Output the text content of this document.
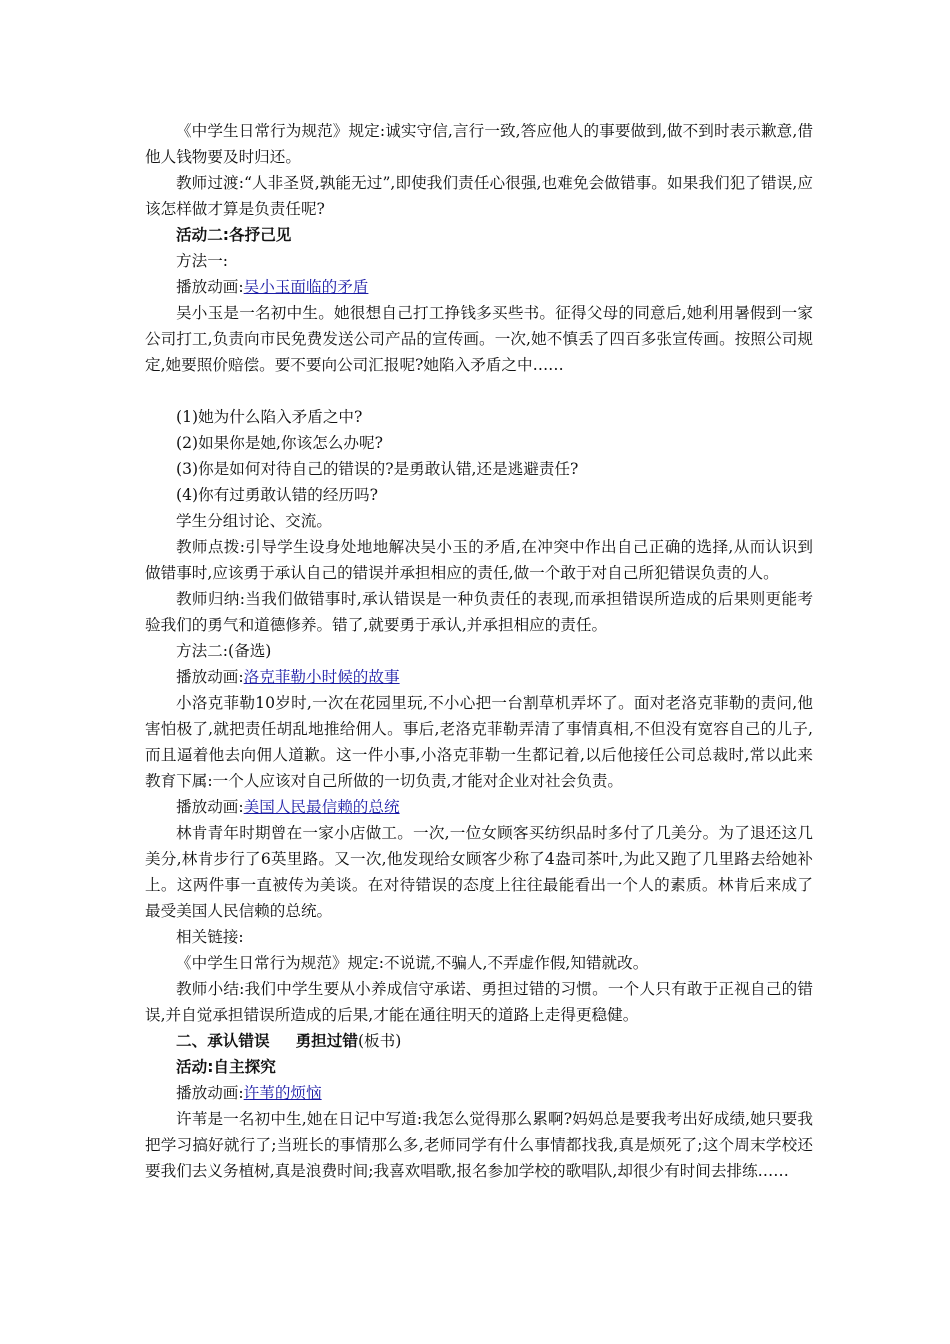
《中学生日常行为规范》规定:诚实守信,言行一致,答应他人的事要做到,做不到时表示歉意,借他人钱物要及时归还。

教师过渡:“人非圣贤,孰能无过”,即使我们责任心很强,也难免会做错事。如果我们犯了错误,应该怎样做才算是负责任呢?

活动二:各抒己见

方法一:

播放动画:吴小玉面临的矛盾

吴小玉是一名初中生。她很想自己打工挣钱多买些书。征得父母的同意后,她利用暑假到一家公司打工,负责向市民免费发送公司产品的宣传画。一次,她不慎丢了四百多张宣传画。按照公司规定,她要照价赔偿。要不要向公司汇报呢?她陷入矛盾之中……

(1)她为什么陷入矛盾之中?

(2)如果你是她,你该怎么办呢?

(3)你是如何对待自己的错误的?是勇敢认错,还是逃避责任?

(4)你有过勇敢认错的经历吗?

学生分组讨论、交流。

教师点拨:引导学生设身处地地解决吴小玉的矛盾,在冲突中作出自己正确的选择,从而认识到做错事时,应该勇于承认自己的错误并承担相应的责任,做一个敢于对自己所犯错误负责的人。

教师归纳:当我们做错事时,承认错误是一种负责任的表现,而承担错误所造成的后果则更能考验我们的勇气和道德修养。错了,就要勇于承认,并承担相应的责任。

方法二:(备选)

播放动画:洛克菲勒小时候的故事

小洛克菲勒10岁时,一次在花园里玩,不小心把一台割草机弄坏了。面对老洛克菲勒的责问,他害怕极了,就把责任胡乱地推给佣人。事后,老洛克菲勒弄清了事情真相,不但没有宽容自己的儿子,而且逼着他去向佣人道歉。这一件小事,小洛克菲勒一生都记着,以后他接任公司总裁时,常以此来教育下属:一个人应该对自己所做的一切负责,才能对企业对社会负责。

播放动画:美国人民最信赖的总统

林肯青年时期曾在一家小店做工。一次,一位女顾客买纺织品时多付了几美分。为了退还这几美分,林肯步行了6英里路。又一次,他发现给女顾客少称了4盎司茶叶,为此又跑了几里路去给她补上。这两件事一直被传为美谈。在对待错误的态度上往往最能看出一个人的素质。林肯后来成了最受美国人民信赖的总统。

相关链接:

《中学生日常行为规范》规定:不说谎,不骗人,不弄虚作假,知错就改。

教师小结:我们中学生要从小养成信守承诺、勇担过错的习惯。一个人只有敢于正视自己的错误,并自觉承担错误所造成的后果,才能在通往明天的道路上走得更稳健。

二、承认错误 勇担过错(板书)

活动:自主探究

播放动画:许苇的烦恼

许苇是一名初中生,她在日记中写道:我怎么觉得那么累啊?妈妈总是要我考出好成绩,她只要我把学习搞好就行了;当班长的事情那么多,老师同学有什么事情都找我,真是烦死了;这个周末学校还要我们去义务植树,真是浪费时间;我喜欢唱歌,报名参加学校的歌唱队,却很少有时间去排练……
